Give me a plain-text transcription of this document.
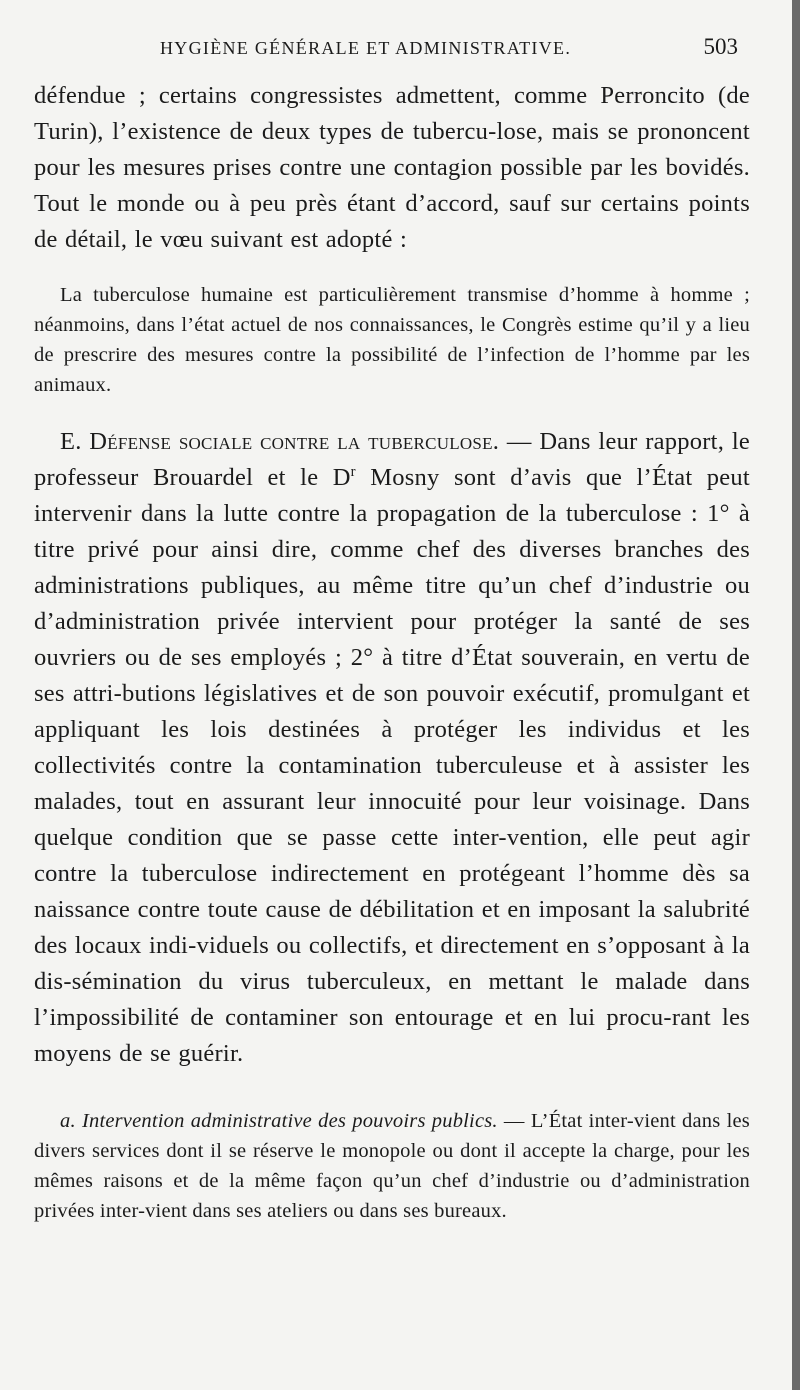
HYGIÈNE GÉNÉRALE ET ADMINISTRATIVE.	503

défendue ; certains congressistes admettent, comme Perroncito (de Turin), l’existence de deux types de tubercu-lose, mais se prononcent pour les mesures prises contre une contagion possible par les bovidés. Tout le monde ou à peu près étant d’accord, sauf sur certains points de détail, le vœu suivant est adopté :

La tuberculose humaine est particulièrement transmise d’homme à homme ; néanmoins, dans l’état actuel de nos connaissances, le Congrès estime qu’il y a lieu de prescrire des mesures contre la possibilité de l’infection de l’homme par les animaux.

E. Défense sociale contre la tuberculose. — Dans leur rapport, le professeur Brouardel et le $D^r$ Mosny sont d’avis que l’État peut intervenir dans la lutte contre la propagation de la tuberculose : 1° à titre privé pour ainsi dire, comme chef des diverses branches des administrations publiques, au même titre qu’un chef d’industrie ou d’administration privée intervient pour protéger la santé de ses ouvriers ou de ses employés ; 2° à titre d’État souverain, en vertu de ses attri-butions législatives et de son pouvoir exécutif, promulgant et appliquant les lois destinées à protéger les individus et les collectivités contre la contamination tuberculeuse et à assister les malades, tout en assurant leur innocuité pour leur voisinage. Dans quelque condition que se passe cette inter-vention, elle peut agir contre la tuberculose indirectement en protégeant l’homme dès sa naissance contre toute cause de débilitation et en imposant la salubrité des locaux indi-viduels ou collectifs, et directement en s’opposant à la dis-sémination du virus tuberculeux, en mettant le malade dans l’impossibilité de contaminer son entourage et en lui procu-rant les moyens de se guérir.

a. Intervention administrative des pouvoirs publics. — L’État inter-vient dans les divers services dont il se réserve le monopole ou dont il accepte la charge, pour les mêmes raisons et de la même façon qu’un chef d’industrie ou d’administration privées inter-vient dans ses ateliers ou dans ses bureaux.
